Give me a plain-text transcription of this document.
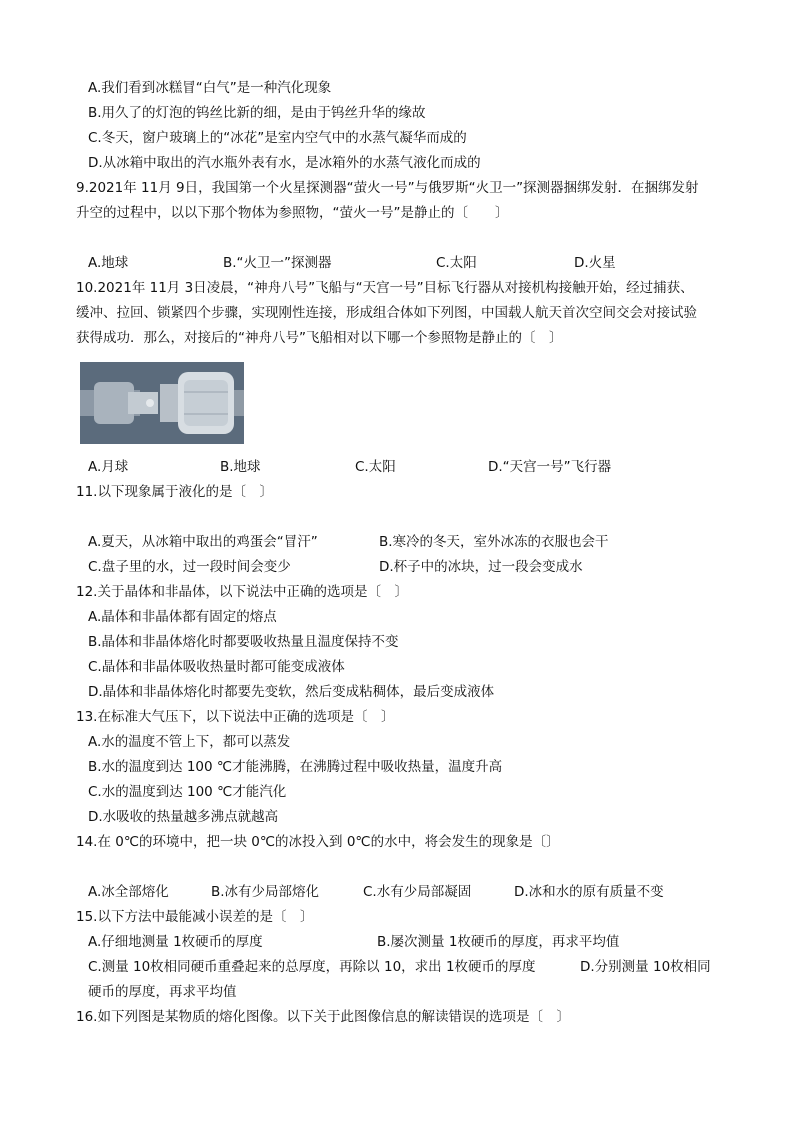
A.我们看到冰糕冒“白气”是一种汽化现象
B.用久了的灯泡的钨丝比新的细，是由于钨丝升华的缘故
C.冬天，窗户玻璃上的“冰花”是室内空气中的水蒸气凝华而成的
D.从冰箱中取出的汽水瓶外表有水，是冰箱外的水蒸气液化而成的
9.2021年 11月 9日，我国第一个火星探测器“萤火一号”与俄罗斯“火卫一”探测器捆绑发射．在捆绑发射
升空的过程中，以以下那个物体为参照物，“萤火一号”是静止的〔　　〕
A.地球	B.“火卫一”探测器	C.太阳	D.火星
10.2021年 11月 3日凌晨，“神舟八号”飞船与“天宫一号”目标飞行器从对接机构接触开始，经过捕获、
缓冲、拉回、锁紧四个步骤，实现刚性连接，形成组合体如下列图，中国载人航天首次空间交会对接试验
获得成功．那么，对接后的“神舟八号”飞船相对以下哪一个参照物是静止的〔　〕
A.月球	B.地球	C.太阳	D.“天宫一号”飞行器
11.以下现象属于液化的是〔　〕
A.夏天，从冰箱中取出的鸡蛋会“冒汗”	B.寒冷的冬天，室外冰冻的衣服也会干
C.盘子里的水，过一段时间会变少	D.杯子中的冰块，过一段会变成水
12.关于晶体和非晶体，以下说法中正确的选项是〔　〕
A.晶体和非晶体都有固定的熔点
B.晶体和非晶体熔化时都要吸收热量且温度保持不变
C.晶体和非晶体吸收热量时都可能变成液体
D.晶体和非晶体熔化时都要先变软，然后变成粘稠体，最后变成液体
13.在标准大气压下，以下说法中正确的选项是〔　〕
A.水的温度不管上下，都可以蒸发
B.水的温度到达 100 ℃才能沸腾，在沸腾过程中吸收热量，温度升高
C.水的温度到达 100 ℃才能汽化
D.水吸收的热量越多沸点就越高
14.在 0℃的环境中，把一块 0℃的冰投入到 0℃的水中，将会发生的现象是〔〕
A.冰全部熔化	B.冰有少局部熔化	C.水有少局部凝固	D.冰和水的原有质量不变
15.以下方法中最能减小误差的是〔　〕
A.仔细地测量 1枚硬币的厚度	B.屡次测量 1枚硬币的厚度，再求平均值
C.测量 10枚相同硬币重叠起来的总厚度，再除以 10，求出 1枚硬币的厚度	D.分别测量 10枚相同
硬币的厚度，再求平均值
16.如下列图是某物质的熔化图像。以下关于此图像信息的解读错误的选项是〔　〕
